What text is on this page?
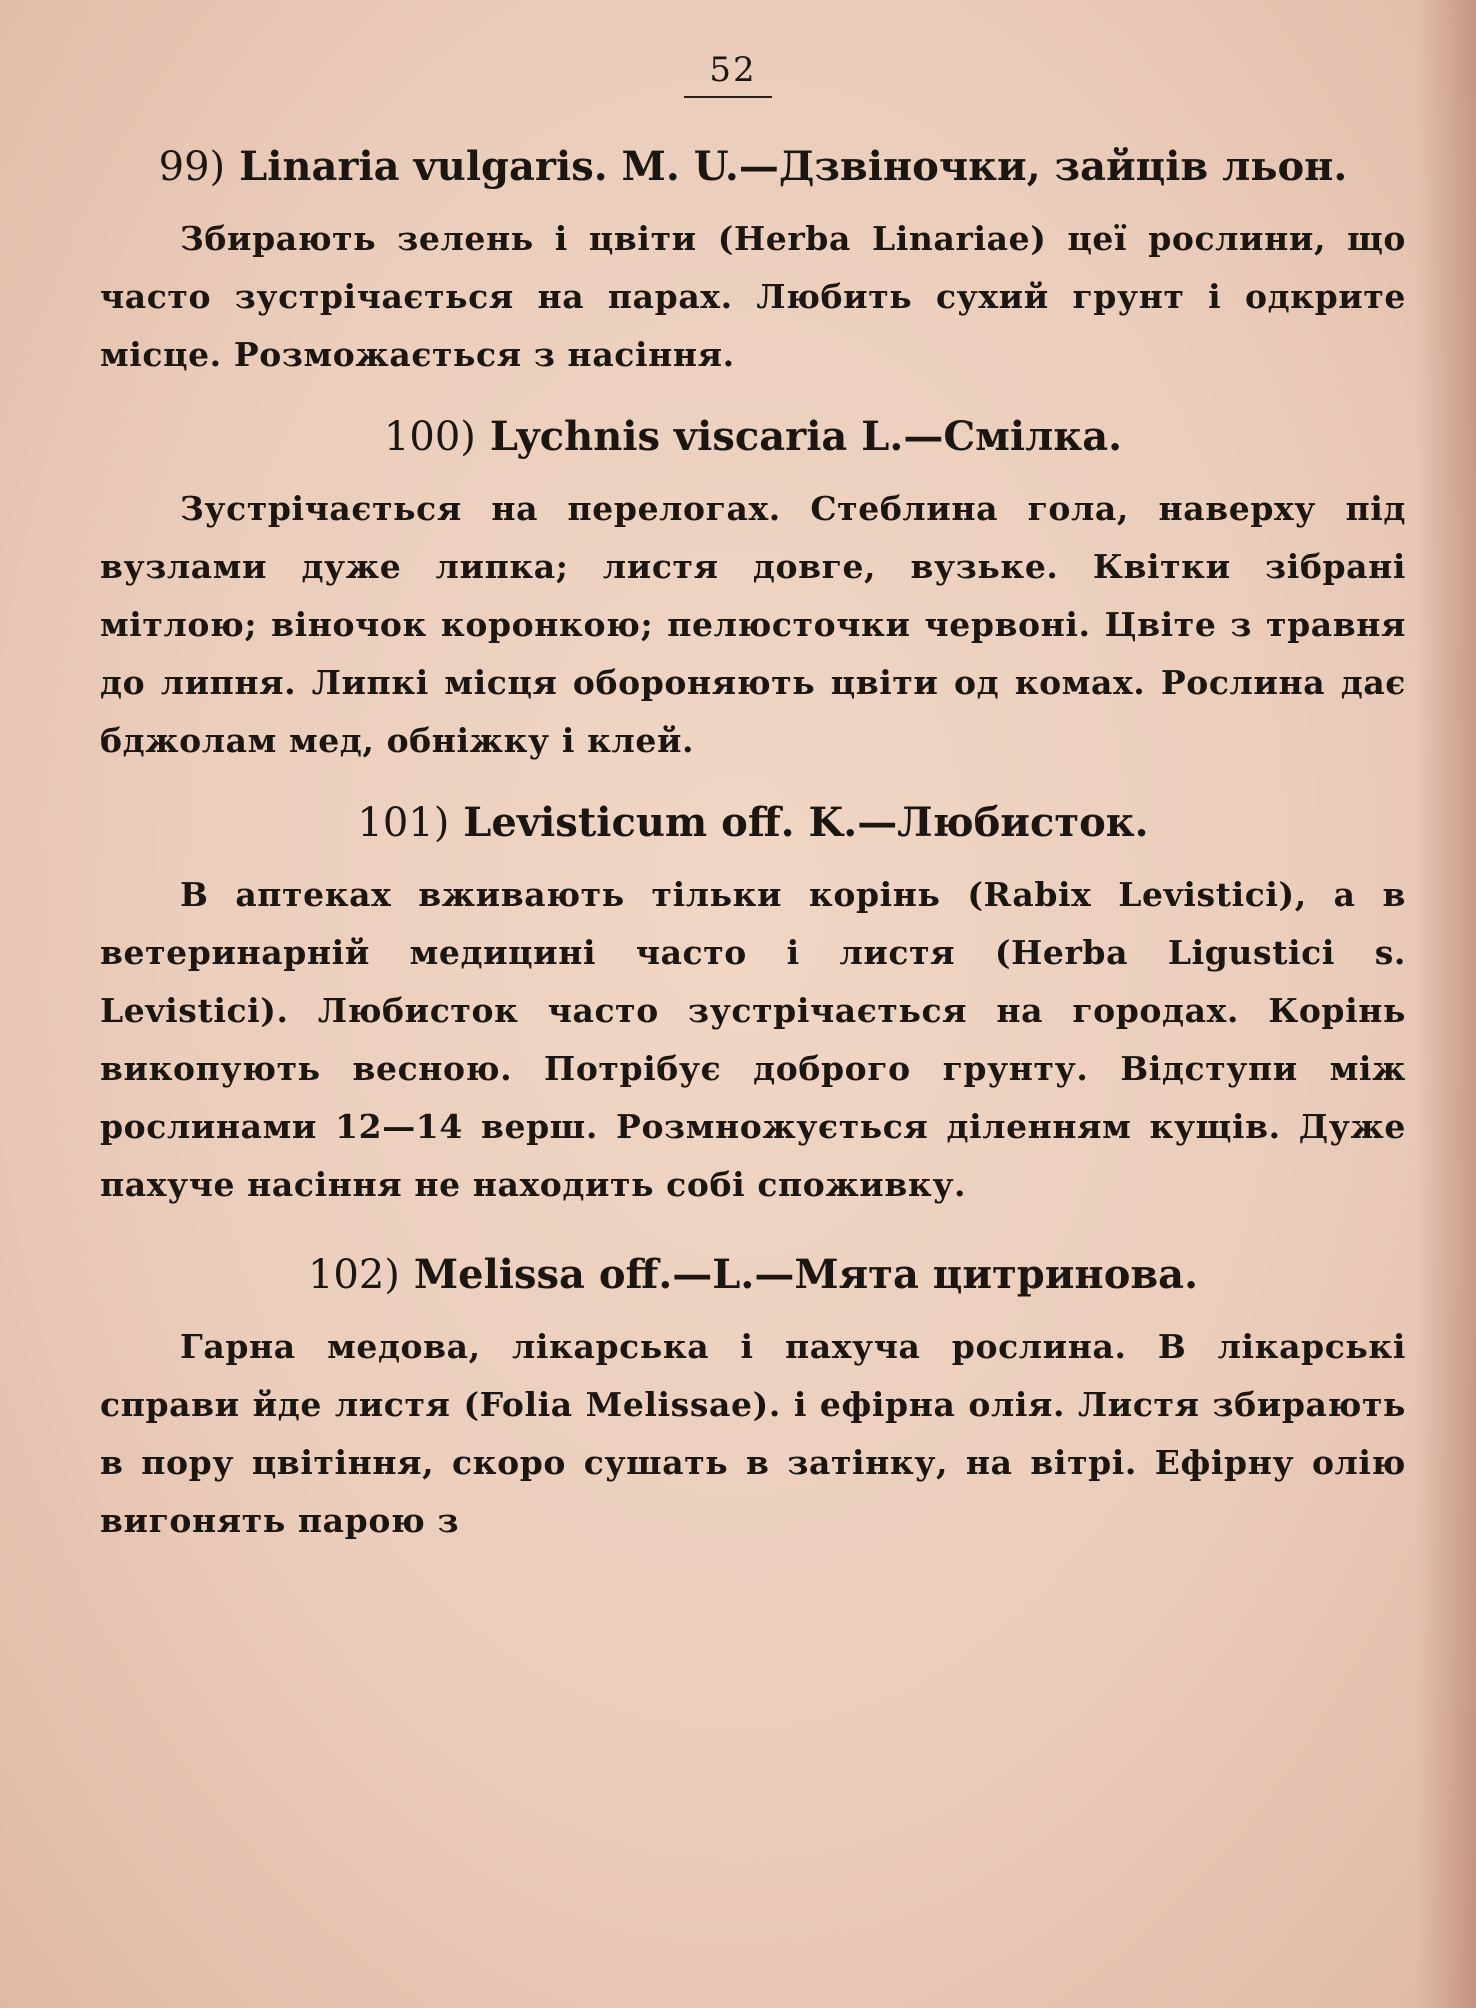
52
99) Linaria vulgaris. M. U.—Дзвіночки, зайців льон.

Збирають зелень і цвіти (Herba Linariae) цеї рослини, що часто зустрічається на парах. Любить сухий грунт і одкрите місце. Розможається з насіння.

100) Lychnis viscaria L.—Смілка.

Зустрічається на перелогах. Стеблина гола, наверху під вузлами дуже липка; листя довге, вузьке. Квітки зібрані мітлою; віночок коронкою; пелюсточки червоні. Цвіте з травня до липня. Липкі місця обороняють цвіти од комах. Рослина дає бджолам мед, обніжку і клей.

101) Levisticum off. K.—Любисток.

В аптеках вживають тільки корінь (Rabix Levistici), а в ветеринарній медицині часто і листя (Herba Ligustici s. Levistici). Любисток часто зустрічається на городах. Корінь викопують весною. Потрібує доброго грунту. Відступи між рослинами 12—14 верш. Розмножується діленням кущів. Дуже пахуче насіння не находить собі споживку.

102) Melissa off.—L.—Мята цитринова.

Гарна медова, лікарська і пахуча рослина. В лікарські справи йде листя (Folia Melissae). і ефірна олія. Листя збирають в пору цвітіння, скоро сушать в затінку, на вітрі. Ефірну олію вигонять парою з
